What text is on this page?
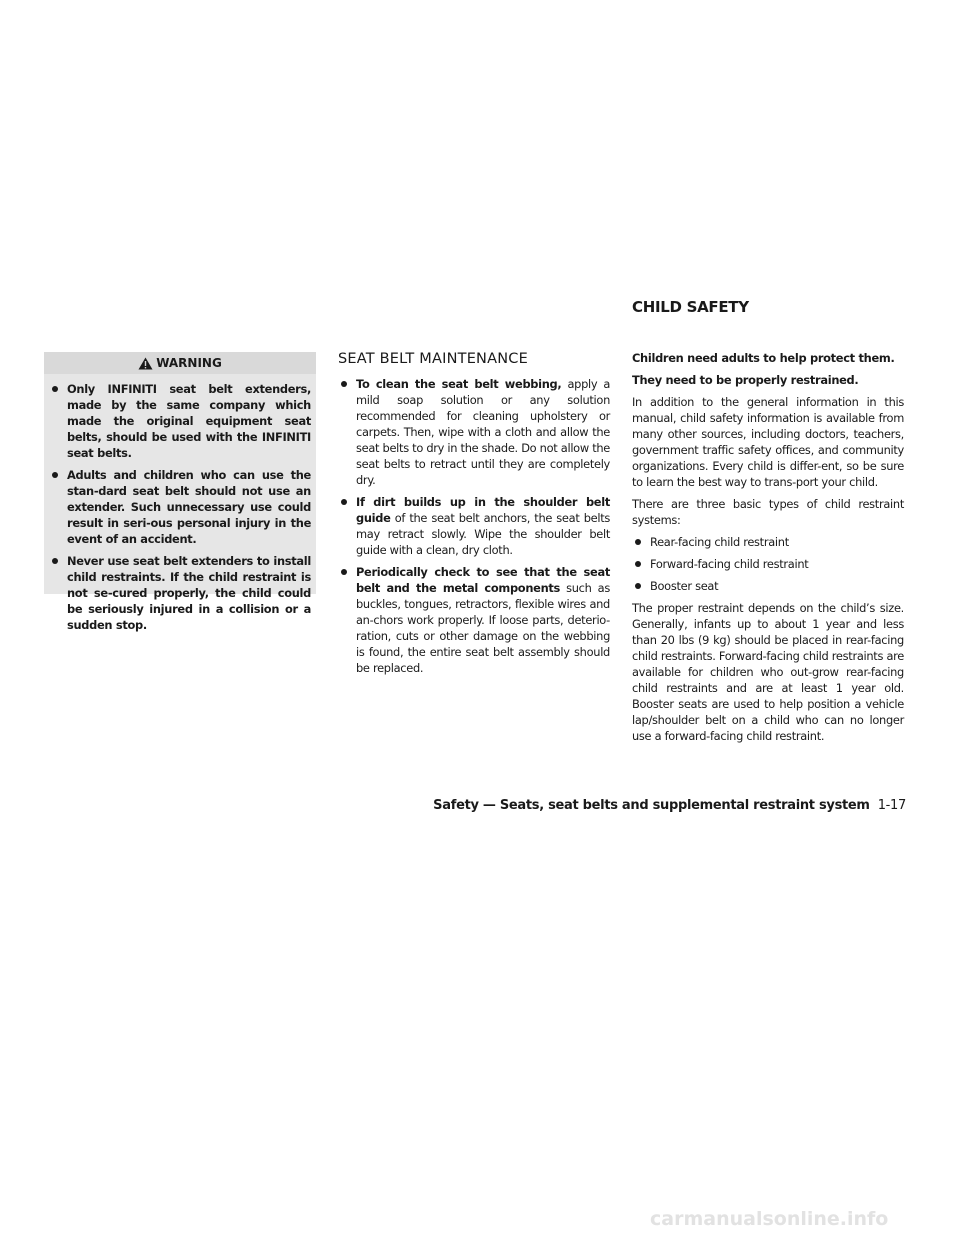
CHILD SAFETY
WARNING
Only INFINITI seat belt extenders, made by the same company which made the original equipment seat belts, should be used with the INFINITI seat belts.
Adults and children who can use the stan-dard seat belt should not use an extender. Such unnecessary use could result in seri-ous personal injury in the event of an accident.
Never use seat belt extenders to install child restraints. If the child restraint is not se-cured properly, the child could be seriously injured in a collision or a sudden stop.
SEAT BELT MAINTENANCE
To clean the seat belt webbing, apply a mild soap solution or any solution recommended for cleaning upholstery or carpets. Then, wipe with a cloth and allow the seat belts to dry in the shade. Do not allow the seat belts to retract until they are completely dry.
If dirt builds up in the shoulder belt guide of the seat belt anchors, the seat belts may retract slowly. Wipe the shoulder belt guide with a clean, dry cloth.
Periodically check to see that the seat belt and the metal components such as buckles, tongues, retractors, flexible wires and an-chors work properly. If loose parts, deterio-ration, cuts or other damage on the webbing is found, the entire seat belt assembly should be replaced.

Children need adults to help protect them.

They need to be properly restrained.

In addition to the general information in this manual, child safety information is available from many other sources, including doctors, teachers, government traffic safety offices, and community organizations. Every child is differ-ent, so be sure to learn the best way to trans-port your child.

There are three basic types of child restraint systems:

Rear-facing child restraint
Forward-facing child restraint
Booster seat

The proper restraint depends on the child’s size. Generally, infants up to about 1 year and less than 20 lbs (9 kg) should be placed in rear-facing child restraints. Forward-facing child restraints are available for children who out-grow rear-facing child restraints and are at least 1 year old. Booster seats are used to help position a vehicle lap/shoulder belt on a child who can no longer use a forward-facing child restraint.

Safety — Seats, seat belts and supplemental restraint system 1-17
carmanualsonline.info
